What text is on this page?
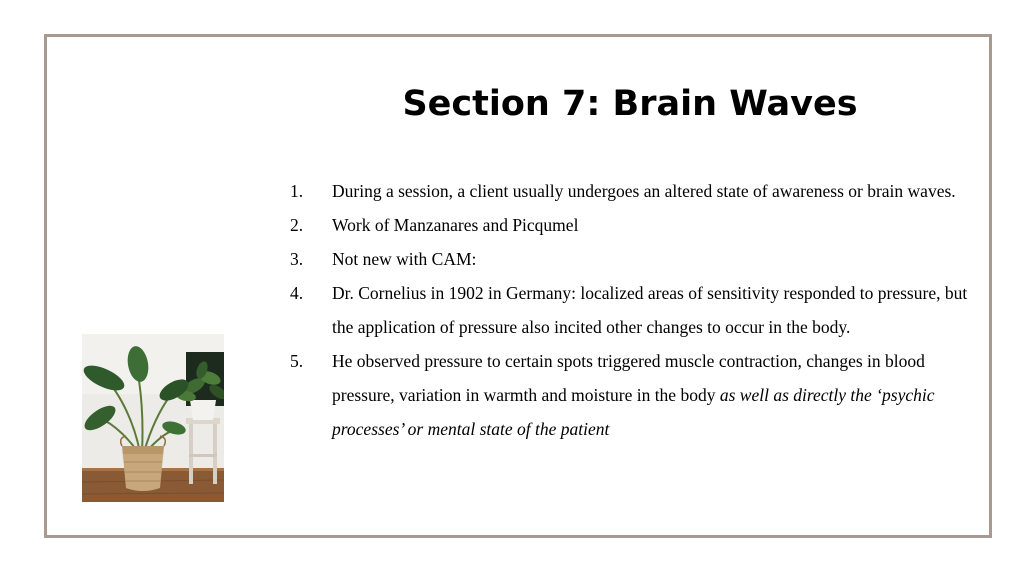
Section 7: Brain Waves
1. During a session, a client usually undergoes an altered state of awareness or brain waves.
2. Work of Manzanares and Picqumel
3. Not new with CAM:
4. Dr. Cornelius in 1902 in Germany: localized areas of sensitivity responded to pressure, but the application of pressure also incited other changes to occur in the body.
5. He observed pressure to certain spots triggered muscle contraction, changes in blood pressure, variation in warmth and moisture in the body as well as directly the ‘psychic processes’ or mental state of the patient
